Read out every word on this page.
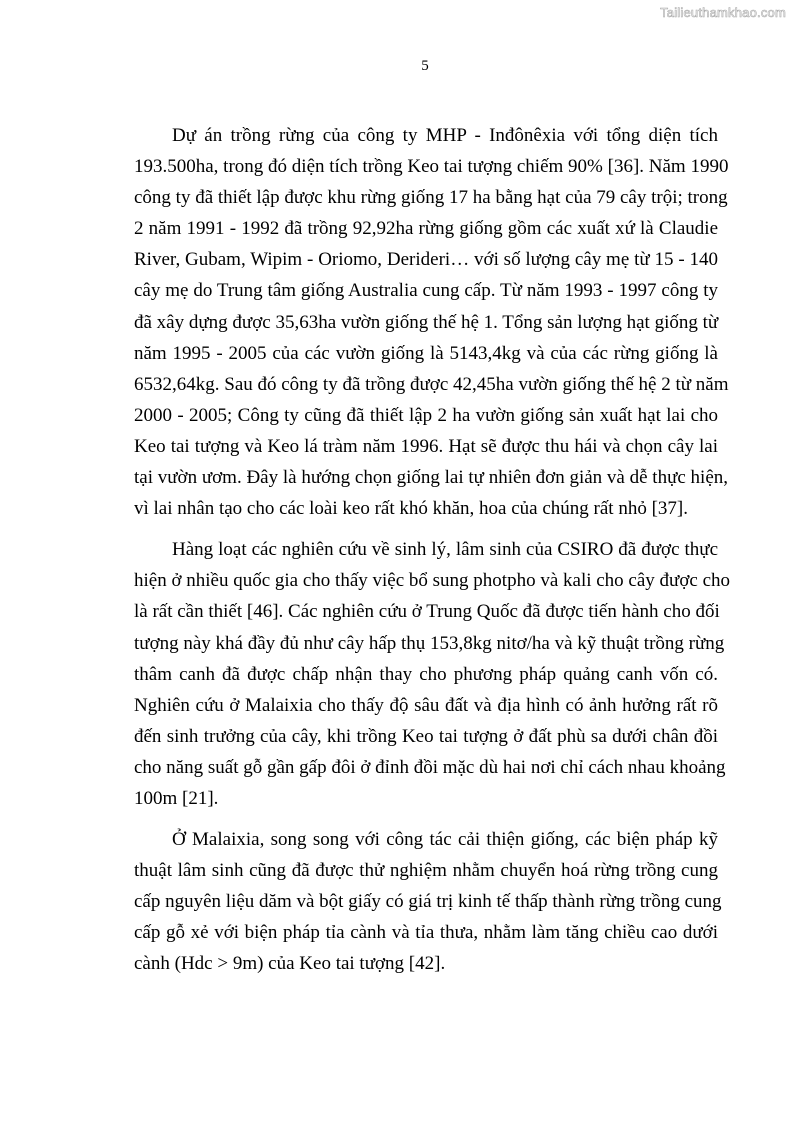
Tailieuthamkhao.com
5
Dự án trồng rừng của công ty MHP - Inđônêxia với tổng diện tích
193.500ha, trong đó diện tích trồng Keo tai tượng chiếm 90% [36]. Năm 1990
công ty đã thiết lập được khu rừng giống 17 ha bằng hạt của 79 cây trội; trong
2 năm 1991 - 1992 đã trồng 92,92ha rừng giống gồm các xuất xứ là Claudie
River, Gubam, Wipim - Oriomo, Derideri… với số lượng cây mẹ từ 15 - 140
cây mẹ do Trung tâm giống Australia cung cấp. Từ năm 1993 - 1997 công ty
đã xây dựng được 35,63ha vườn giống thế hệ 1. Tổng sản lượng hạt giống từ
năm 1995 - 2005 của các vườn giống là 5143,4kg và của các rừng giống là
6532,64kg. Sau đó công ty đã trồng được 42,45ha vườn giống thế hệ 2 từ năm
2000 - 2005; Công ty cũng đã thiết lập 2 ha vườn giống sản xuất hạt lai cho
Keo tai tượng và Keo lá tràm năm 1996. Hạt sẽ được thu hái và chọn cây lai
tại vườn ươm. Đây là hướng chọn giống lai tự nhiên đơn giản và dễ thực hiện,
vì lai nhân tạo cho các loài keo rất khó khăn, hoa của chúng rất nhỏ [37].
Hàng loạt các nghiên cứu về sinh lý, lâm sinh của CSIRO đã được thực
hiện ở nhiều quốc gia cho thấy việc bổ sung photpho và kali cho cây được cho
là rất cần thiết [46]. Các nghiên cứu ở Trung Quốc đã được tiến hành cho đối
tượng này khá đầy đủ như cây hấp thụ 153,8kg nitơ/ha và kỹ thuật trồng rừng
thâm canh đã được chấp nhận thay cho phương pháp quảng canh vốn có.
Nghiên cứu ở Malaixia cho thấy độ sâu đất và địa hình có ảnh hưởng rất rõ
đến sinh trưởng của cây, khi trồng Keo tai tượng ở đất phù sa dưới chân đồi
cho năng suất gỗ gần gấp đôi ở đỉnh đồi mặc dù hai nơi chỉ cách nhau khoảng
100m [21].
Ở Malaixia, song song với công tác cải thiện giống, các biện pháp kỹ
thuật lâm sinh cũng đã được thử nghiệm nhằm chuyển hoá rừng trồng cung
cấp nguyên liệu dăm và bột giấy có giá trị kinh tế thấp thành rừng trồng cung
cấp gỗ xẻ với biện pháp tỉa cành và tỉa thưa, nhằm làm tăng chiều cao dưới
cành (Hdc > 9m) của Keo tai tượng [42].
